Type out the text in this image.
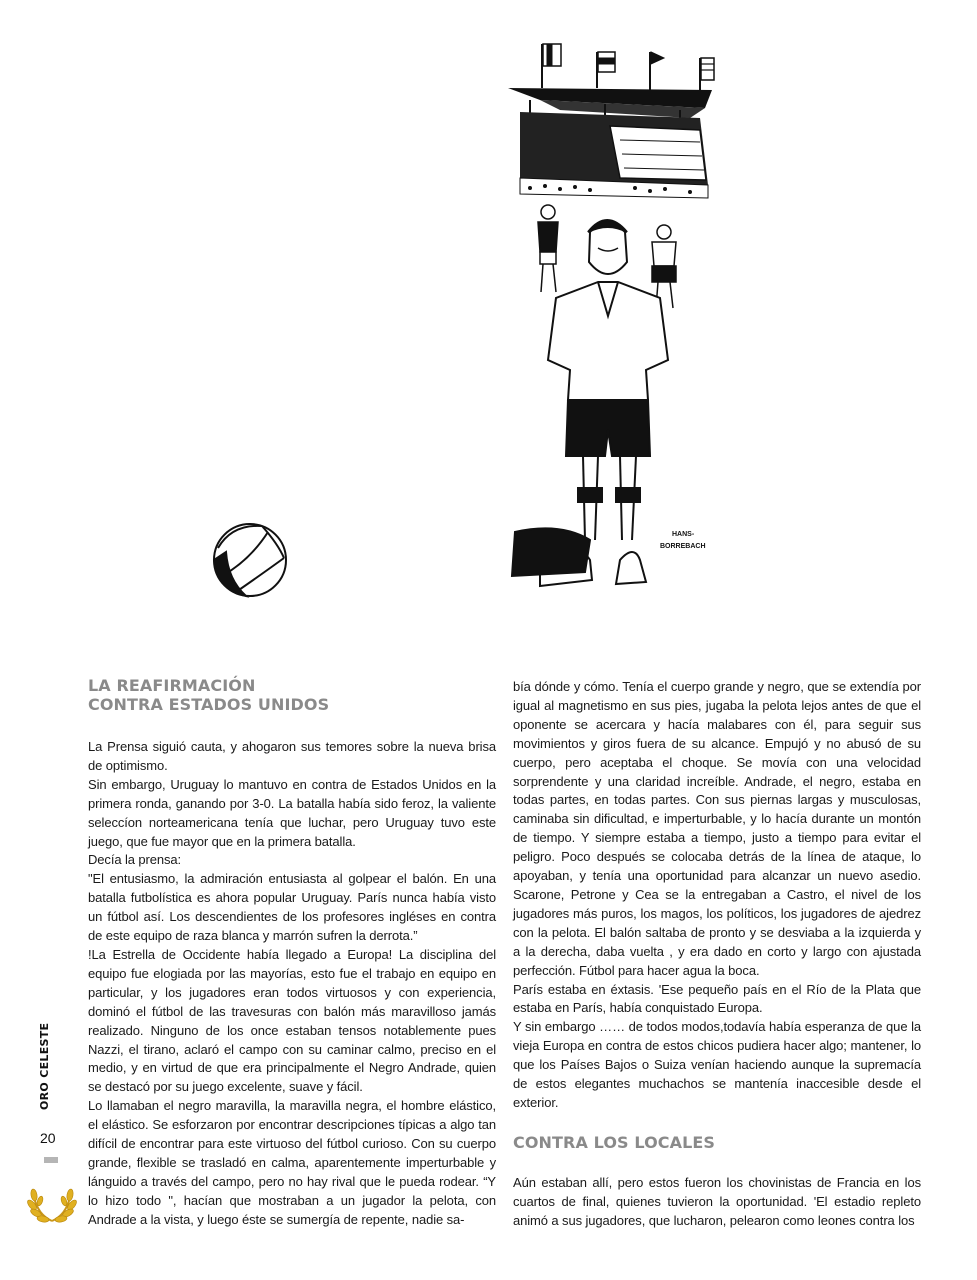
HANS-
BORREBACH
LA REAFIRMACIÓN
CONTRA ESTADOS UNIDOS

La Prensa siguió cauta, y ahogaron sus temores sobre la nueva brisa de optimismo.

Sin embargo, Uruguay lo mantuvo en contra de Estados Unidos en la primera ronda, ganando por 3-0. La batalla había sido feroz, la valiente seleccíon norteamericana tenía que luchar, pero Uruguay tuvo este juego, que fue mayor que en la primera batalla.

Decía la prensa:

"El entusiasmo, la admiración entusiasta al golpear el balón. En una batalla futbolística es ahora popular Uruguay. París nunca había visto un fútbol así. Los descendientes de los profesores ingléses en contra de este equipo de raza blanca y marrón sufren la derrota.”

!La Estrella de Occidente había llegado a Europa! La disciplina del equipo fue elogiada por las mayorías, esto fue el trabajo en equipo en particular, y los jugadores eran todos virtuosos y con experiencia, dominó el fútbol de las travesuras con balón más maravilloso jamás realizado. Ninguno de los once estaban tensos notablemente pues Nazzi, el tirano, aclaró el campo con su caminar calmo, preciso en el medio, y en virtud de que era principalmente el Negro Andrade, quien se destacó por su juego excelente, suave y fácil.

Lo llamaban el negro maravilla, la maravilla negra, el hombre elástico, el elástico. Se esforzaron por encontrar descripciones típicas a algo tan difícil de encontrar para este virtuoso del fútbol curioso. Con su cuerpo grande, flexible se trasladó en calma, aparentemente imperturbable y lánguido a través del campo, pero no hay rival que le pueda rodear. “Y lo hizo todo ", hacían que mostraban a un jugador la pelota, con Andrade a la vista, y luego éste se sumergía de repente, nadie sa-

bía dónde y cómo. Tenía el cuerpo grande y negro, que se extendía por igual al magnetismo en sus pies, jugaba la pelota lejos antes de que el oponente se acercara y hacía malabares con él, para seguir sus movimientos y giros fuera de su alcance. Empujó y no abusó de su cuerpo, pero aceptaba el choque. Se movía con una velocidad sorprendente y una claridad increíble. Andrade, el negro, estaba en todas partes, en todas partes. Con sus piernas largas y musculosas, caminaba sin dificultad, e imperturbable, y lo hacía durante un montón de tiempo. Y siempre estaba a tiempo, justo a tiempo para evitar el peligro. Poco después se colocaba detrás de la línea de ataque, lo apoyaban, y tenía una oportunidad para alcanzar un nuevo asedio. Scarone, Petrone y Cea se la entregaban a Castro, el nivel de los jugadores más puros, los magos, los políticos, los jugadores de ajedrez con la pelota. El balón saltaba de pronto y se desviaba a la izquierda y a la derecha, daba vuelta , y era dado en corto y largo con ajustada perfección. Fútbol para hacer agua la boca.

París estaba en éxtasis. 'Ese pequeño país en el Río de la Plata que estaba en París, había conquistado Europa.

Y sin embargo …… de todos modos,todavía había esperanza de que la vieja Europa en contra de estos chicos pudiera hacer algo; mantener, lo que los Países Bajos o Suiza venían haciendo aunque la supremacía de estos elegantes muchachos se mantenía inaccesible desde el exterior.

CONTRA LOS LOCALES

Aún estaban allí, pero estos fueron los chovinistas de Francia en los cuartos de final, quienes tuvieron la oportunidad. 'El estadio repleto animó a sus jugadores, que lucharon, pelearon como leones contra los

ORO CELESTE
20
